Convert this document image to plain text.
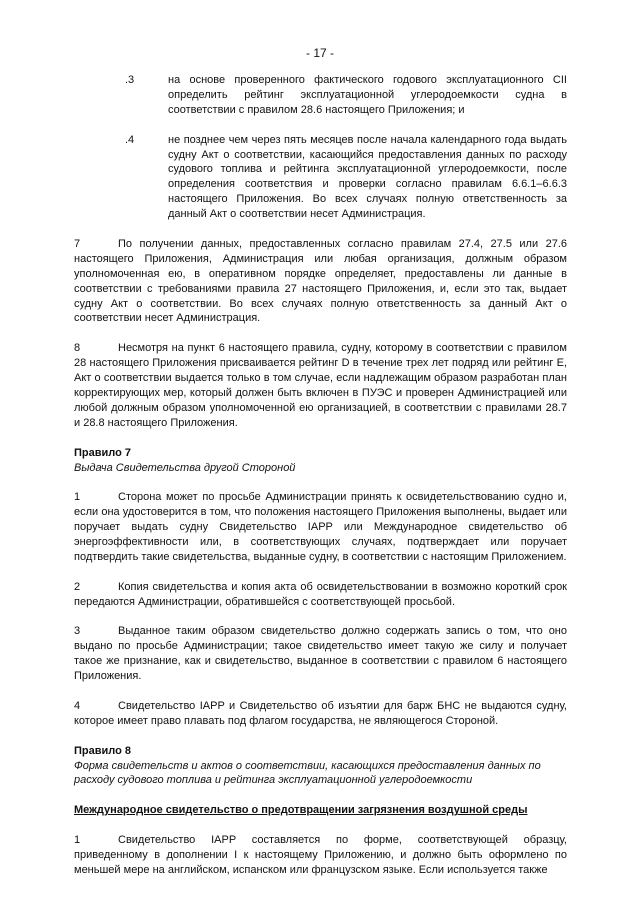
- 17 -
.3	на основе проверенного фактического годового эксплуатационного CII определить рейтинг эксплуатационной углеродоемкости судна в соответствии с правилом 28.6 настоящего Приложения; и
.4	не позднее чем через пять месяцев после начала календарного года выдать судну Акт о соответствии, касающийся предоставления данных по расходу судового топлива и рейтинга эксплуатационной углеродоемкости, после определения соответствия и проверки согласно правилам 6.6.1–6.6.3 настоящего Приложения. Во всех случаях полную ответственность за данный Акт о соответствии несет Администрация.
7	По получении данных, предоставленных согласно правилам 27.4, 27.5 или 27.6 настоящего Приложения, Администрация или любая организация, должным образом уполномоченная ею, в оперативном порядке определяет, предоставлены ли данные в соответствии с требованиями правила 27 настоящего Приложения, и, если это так, выдает судну Акт о соответствии. Во всех случаях полную ответственность за данный Акт о соответствии несет Администрация.
8	Несмотря на пункт 6 настоящего правила, судну, которому в соответствии с правилом 28 настоящего Приложения присваивается рейтинг D в течение трех лет подряд или рейтинг E, Акт о соответствии выдается только в том случае, если надлежащим образом разработан план корректирующих мер, который должен быть включен в ПУЭС и проверен Администрацией или любой должным образом уполномоченной ею организацией, в соответствии с правилами 28.7 и 28.8 настоящего Приложения.
Правило 7
Выдача Свидетельства другой Стороной
1	Сторона может по просьбе Администрации принять к освидетельствованию судно и, если она удостоверится в том, что положения настоящего Приложения выполнены, выдает или поручает выдать судну Свидетельство IAPP или Международное свидетельство об энергоэффективности или, в соответствующих случаях, подтверждает или поручает подтвердить такие свидетельства, выданные судну, в соответствии с настоящим Приложением.
2	Копия свидетельства и копия акта об освидетельствовании в возможно короткий срок передаются Администрации, обратившейся с соответствующей просьбой.
3	Выданное таким образом свидетельство должно содержать запись о том, что оно выдано по просьбе Администрации; такое свидетельство имеет такую же силу и получает такое же признание, как и свидетельство, выданное в соответствии с правилом 6 настоящего Приложения.
4	Свидетельство IAPP и Свидетельство об изъятии для барж БНС не выдаются судну, которое имеет право плавать под флагом государства, не являющегося Стороной.
Правило 8
Форма свидетельств и актов о соответствии, касающихся предоставления данных по расходу судового топлива и рейтинга эксплуатационной углеродоемкости
Международное свидетельство о предотвращении загрязнения воздушной среды
1	Свидетельство IAPP составляется по форме, соответствующей образцу, приведенному в дополнении I к настоящему Приложению, и должно быть оформлено по меньшей мере на английском, испанском или французском языке. Если используется также
